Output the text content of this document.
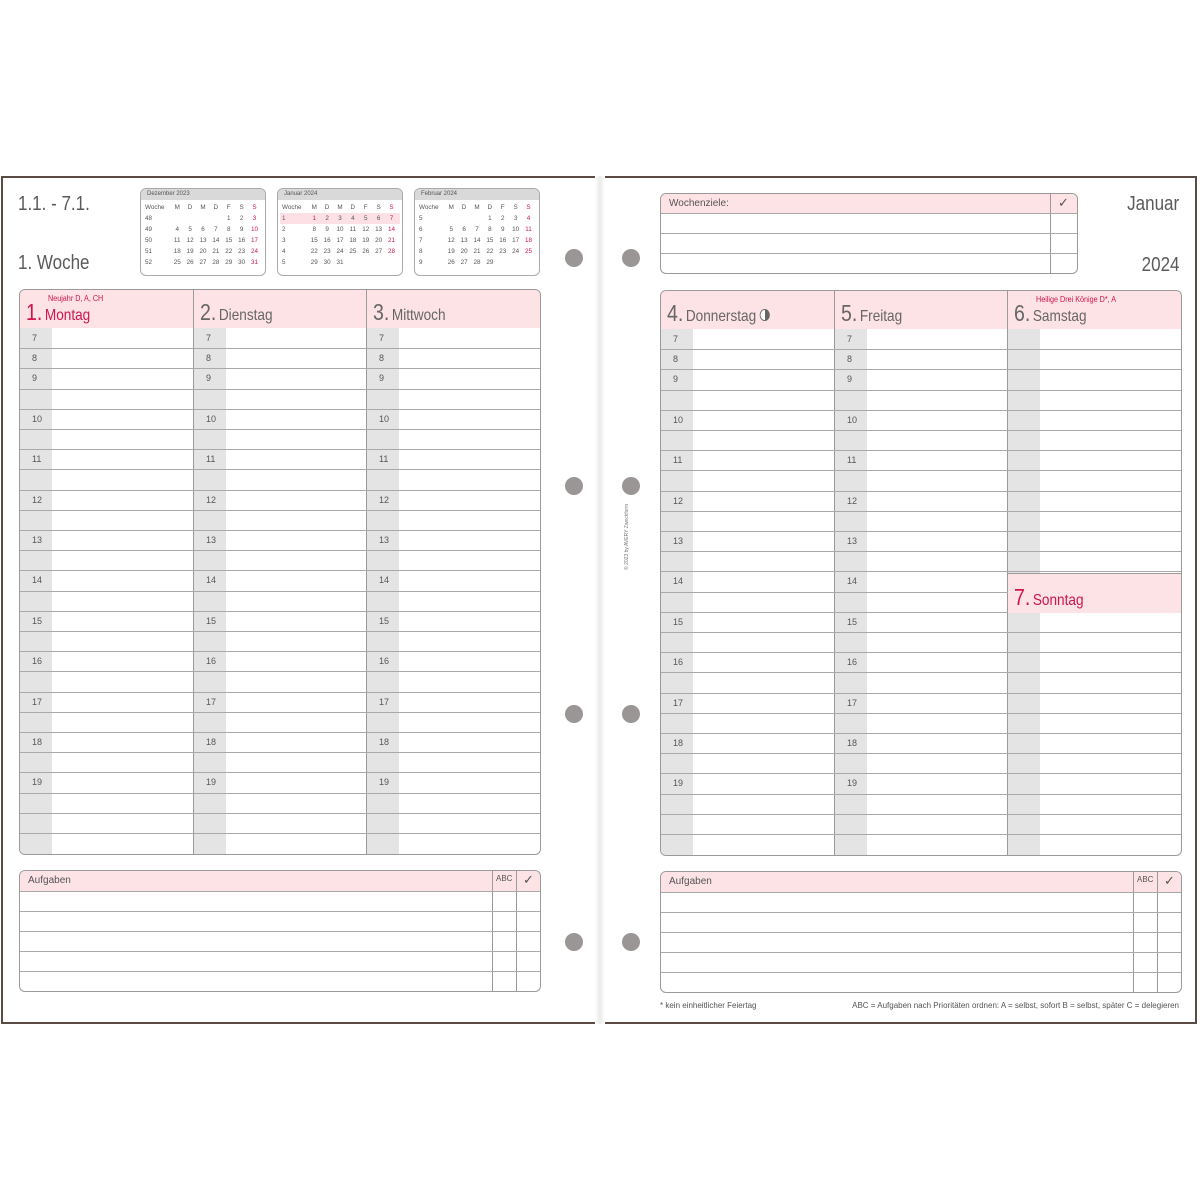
1.1. - 7.1.
1. Woche
Dezember 2023
Woche	M	D	M	D	F	S	S
48					1	2	3
49	4	5	6	7	8	9	10
50	11	12	13	14	15	16	17
51	18	19	20	21	22	23	24
52	25	26	27	28	29	30	31
Januar 2024
Woche	M	D	M	D	F	S	S
1	1	2	3	4	5	6	7
2	8	9	10	11	12	13	14
3	15	16	17	18	19	20	21
4	22	23	24	25	26	27	28
5	29	30	31				
Februar 2024
Woche	M	D	M	D	F	S	S
5				1	2	3	4
6	5	6	7	8	9	10	11
7	12	13	14	15	16	17	18
8	19	20	21	22	23	24	25
9	26	27	28	29			
Januar
2024
Wochenziele:	✓
Neujahr D, A, CH
1. Montag
7
8
9
10
11
12
13
14
15
16
17
18
19
2. Dienstag
7
8
9
10
11
12
13
14
15
16
17
18
19
3. Mittwoch
7
8
9
10
11
12
13
14
15
16
17
18
19
4. Donnerstag
7
8
9
10
11
12
13
14
15
16
17
18
19
5. Freitag
7
8
9
10
11
12
13
14
15
16
17
18
19
Heilige Drei Könige D*, A
6. Samstag
7. Sonntag
Aufgaben	ABC ✓	Aufgaben	ABC ✓
* kein einheitlicher Feiertag	ABC = Aufgaben nach Prioritäten ordnen: A = selbst, sofort B = selbst, später C = delegieren
© 2023 by AVERY Zweckform
